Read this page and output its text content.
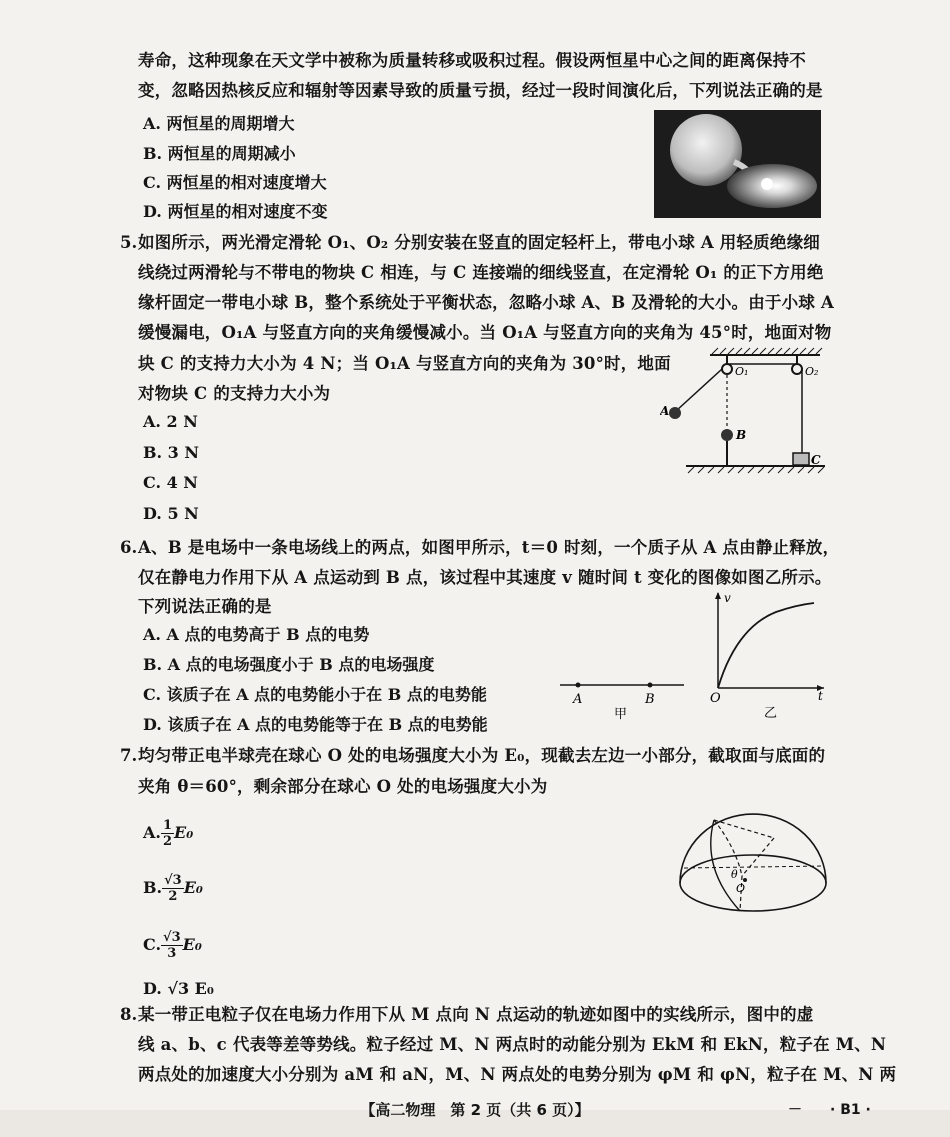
寿命，这种现象在天文学中被称为质量转移或吸积过程。假设两恒星中心之间的距离保持不
变，忽略因热核反应和辐射等因素导致的质量亏损，经过一段时间演化后，下列说法正确的是
A. 两恒星的周期增大
B. 两恒星的周期减小
C. 两恒星的相对速度增大
D. 两恒星的相对速度不变
5. 如图所示，两光滑定滑轮 O₁、O₂ 分别安装在竖直的固定轻杆上，带电小球 A 用轻质绝缘细
线绕过两滑轮与不带电的物块 C 相连，与 C 连接端的细线竖直，在定滑轮 O₁ 的正下方用绝
缘杆固定一带电小球 B，整个系统处于平衡状态，忽略小球 A、B 及滑轮的大小。由于小球 A
缓慢漏电，O₁A 与竖直方向的夹角缓慢减小。当 O₁A 与竖直方向的夹角为 45°时，地面对物
块 C 的支持力大小为 4 N；当 O₁A 与竖直方向的夹角为 30°时，地面
对物块 C 的支持力大小为
A. 2 N
B. 3 N
C. 4 N
D. 5 N
O₁	O₂
A
B
C
6. A、B 是电场中一条电场线上的两点，如图甲所示，t＝0 时刻，一个质子从 A 点由静止释放，
仅在静电力作用下从 A 点运动到 B 点，该过程中其速度 v 随时间 t 变化的图像如图乙所示。
下列说法正确的是
A. A 点的电势高于 B 点的电势
B. A 点的电场强度小于 B 点的电场强度
C. 该质子在 A 点的电势能小于在 B 点的电势能
D. 该质子在 A 点的电势能等于在 B 点的电势能
A	B
甲
v
O	t
乙
7. 均匀带正电半球壳在球心 O 处的电场强度大小为 E₀，现截去左边一小部分，截取面与底面的
夹角 θ＝60°，剩余部分在球心 O 处的电场强度大小为
A. $\frac{1}{2} E_0$
B. $\frac{√3}{2} E_0$
C. $\frac{√3}{3} E_0$
D. √3 E₀
θ
O
8. 某一带正电粒子仅在电场力作用下从 M 点向 N 点运动的轨迹如图中的实线所示，图中的虚
线 a、b、c 代表等差等势线。粒子经过 M、N 两点时的动能分别为 EkM 和 EkN，粒子在 M、N
两点处的加速度大小分别为 aM 和 aN，M、N 两点处的电势分别为 φM 和 φN，粒子在 M、N 两
【高二物理　第 2 页（共 6 页）】	－　　· B1 ·
